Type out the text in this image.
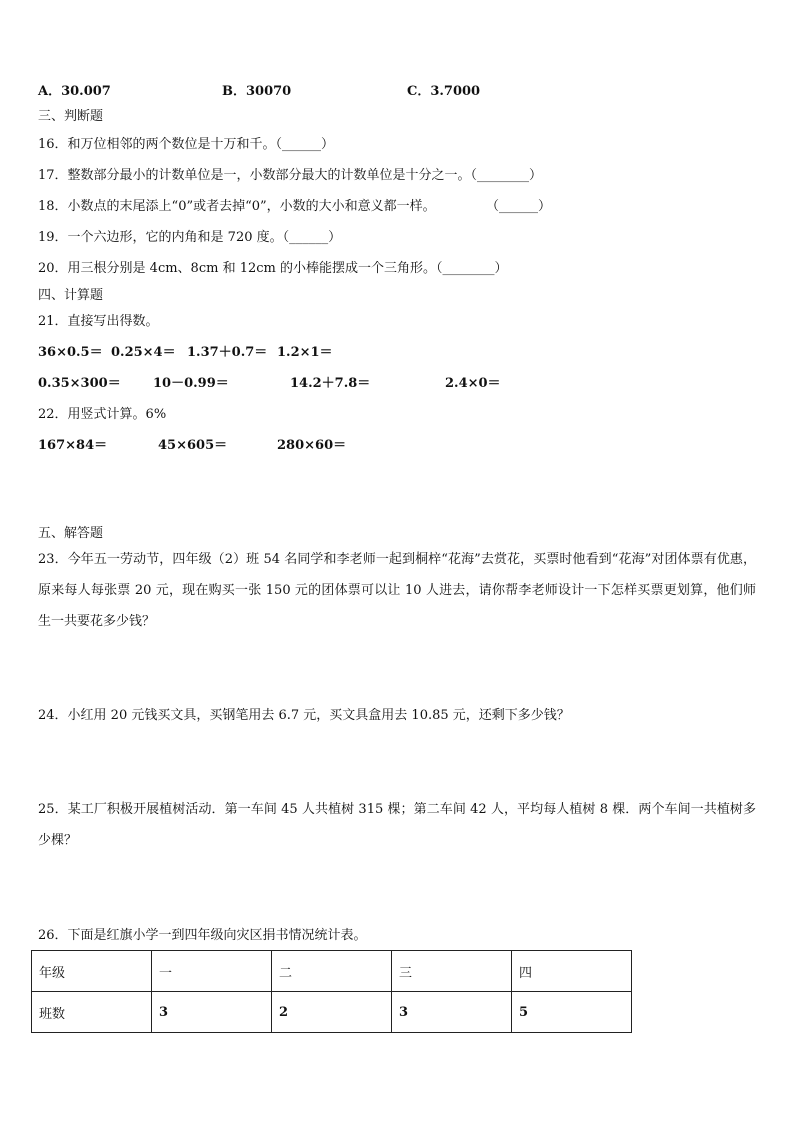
A．30.007	B．30070	C．3.7000
三、判断题
16．和万位相邻的两个数位是十万和千。（______）
17．整数部分最小的计数单位是一，小数部分最大的计数单位是十分之一。（________）
18．小数点的末尾添上“0”或者去掉“0”，小数的大小和意义都一样。	（______）
19．一个六边形，它的内角和是 720 度。（______）
20．用三根分别是 4cm、8cm 和 12cm 的小棒能摆成一个三角形。（________）
四、计算题
21．直接写出得数。
36×0.5＝ 0.25×4＝ 1.37＋0.7＝ 1.2×1＝
0.35×300＝ 10－0.99＝	14.2＋7.8＝	2.4×0＝
22．用竖式计算。6%
167×84＝	45×605＝	280×60＝
五、解答题
23．今年五一劳动节，四年级（2）班 54 名同学和李老师一起到桐梓“花海”去赏花，买票时他看到“花海”对团体票有优惠，原来每人每张票 20 元，现在购买一张 150 元的团体票可以让 10 人进去，请你帮李老师设计一下怎样买票更划算，他们师生一共要花多少钱？
24．小红用 20 元钱买文具，买钢笔用去 6.7 元，买文具盒用去 10.85 元，还剩下多少钱？
25．某工厂积极开展植树活动．第一车间 45 人共植树 315 棵；第二车间 42 人，平均每人植树 8 棵．两个车间一共植树多少棵？
26．下面是红旗小学一到四年级向灾区捐书情况统计表。
年级	一	二	三	四
班数	3	2	3	5
